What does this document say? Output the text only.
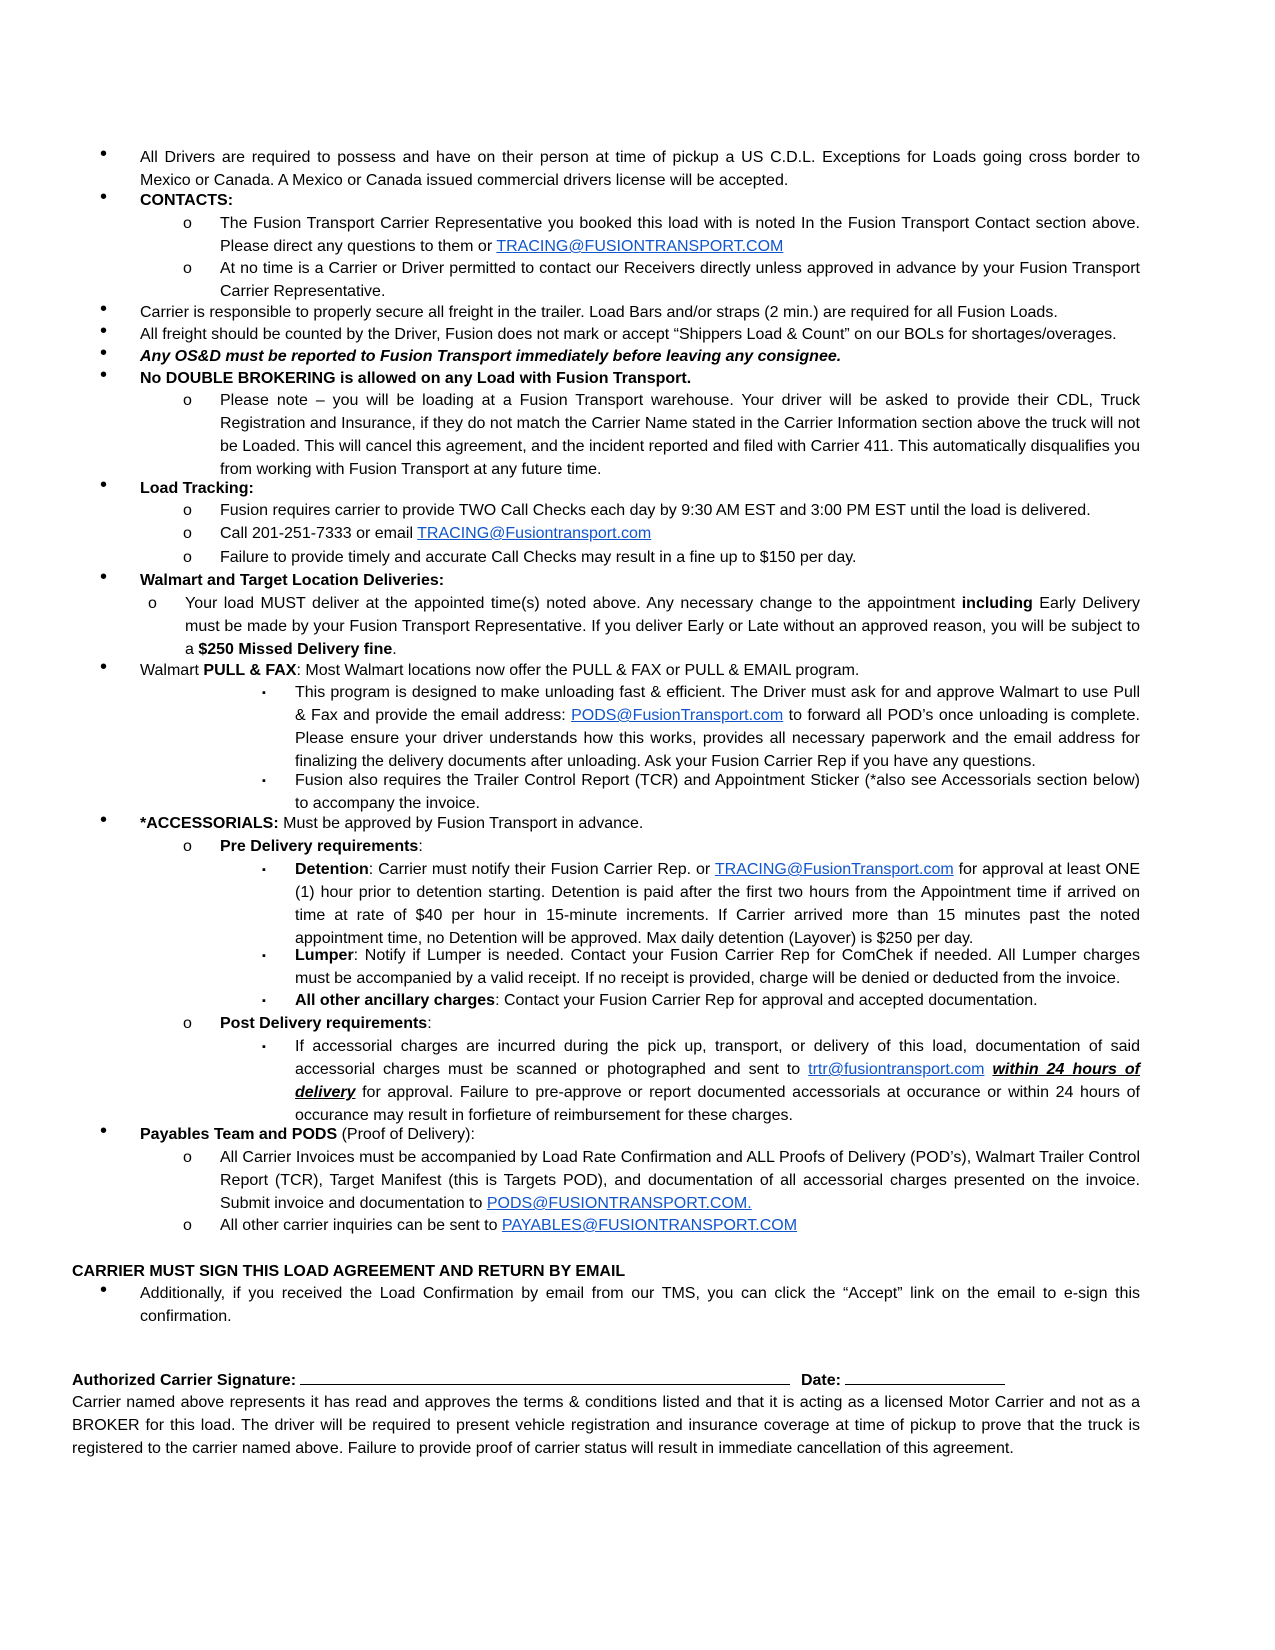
• All Drivers are required to possess and have on their person at time of pickup a US C.D.L. Exceptions for Loads going cross border to Mexico or Canada. A Mexico or Canada issued commercial drivers license will be accepted.
• CONTACTS:
o The Fusion Transport Carrier Representative you booked this load with is noted In the Fusion Transport Contact section above. Please direct any questions to them or TRACING@FUSIONTRANSPORT.COM
o At no time is a Carrier or Driver permitted to contact our Receivers directly unless approved in advance by your Fusion Transport Carrier Representative.
• Carrier is responsible to properly secure all freight in the trailer. Load Bars and/or straps (2 min.) are required for all Fusion Loads.
• All freight should be counted by the Driver, Fusion does not mark or accept “Shippers Load & Count” on our BOLs for shortages/overages.
• Any OS&D must be reported to Fusion Transport immediately before leaving any consignee.
• No DOUBLE BROKERING is allowed on any Load with Fusion Transport.
o Please note – you will be loading at a Fusion Transport warehouse. Your driver will be asked to provide their CDL, Truck Registration and Insurance, if they do not match the Carrier Name stated in the Carrier Information section above the truck will not be Loaded. This will cancel this agreement, and the incident reported and filed with Carrier 411. This automatically disqualifies you from working with Fusion Transport at any future time.
• Load Tracking:
o Fusion requires carrier to provide TWO Call Checks each day by 9:30 AM EST and 3:00 PM EST until the load is delivered.
o Call 201-251-7333 or email TRACING@Fusiontransport.com
o Failure to provide timely and accurate Call Checks may result in a fine up to $150 per day.
• Walmart and Target Location Deliveries:
o Your load MUST deliver at the appointed time(s) noted above. Any necessary change to the appointment including Early Delivery must be made by your Fusion Transport Representative. If you deliver Early or Late without an approved reason, you will be subject to a $250 Missed Delivery fine.
• Walmart PULL & FAX: Most Walmart locations now offer the PULL & FAX or PULL & EMAIL program.
▪ This program is designed to make unloading fast & efficient. The Driver must ask for and approve Walmart to use Pull & Fax and provide the email address: PODS@FusionTransport.com to forward all POD’s once unloading is complete. Please ensure your driver understands how this works, provides all necessary paperwork and the email address for finalizing the delivery documents after unloading. Ask your Fusion Carrier Rep if you have any questions.
▪ Fusion also requires the Trailer Control Report (TCR) and Appointment Sticker (*also see Accessorials section below) to accompany the invoice.
• *ACCESSORIALS: Must be approved by Fusion Transport in advance.
o Pre Delivery requirements:
▪ Detention: Carrier must notify their Fusion Carrier Rep. or TRACING@FusionTransport.com for approval at least ONE (1) hour prior to detention starting. Detention is paid after the first two hours from the Appointment time if arrived on time at rate of $40 per hour in 15-minute increments. If Carrier arrived more than 15 minutes past the noted appointment time, no Detention will be approved. Max daily detention (Layover) is $250 per day.
▪ Lumper: Notify if Lumper is needed. Contact your Fusion Carrier Rep for ComChek if needed. All Lumper charges must be accompanied by a valid receipt. If no receipt is provided, charge will be denied or deducted from the invoice.
▪ All other ancillary charges: Contact your Fusion Carrier Rep for approval and accepted documentation.
o Post Delivery requirements:
▪ If accessorial charges are incurred during the pick up, transport, or delivery of this load, documentation of said accessorial charges must be scanned or photographed and sent to trtr@fusiontransport.com within 24 hours of delivery for approval. Failure to pre-approve or report documented accessorials at occurance or within 24 hours of occurance may result in forfieture of reimbursement for these charges.
• Payables Team and PODS (Proof of Delivery):
o All Carrier Invoices must be accompanied by Load Rate Confirmation and ALL Proofs of Delivery (POD’s), Walmart Trailer Control Report (TCR), Target Manifest (this is Targets POD), and documentation of all accessorial charges presented on the invoice. Submit invoice and documentation to PODS@FUSIONTRANSPORT.COM.
o All other carrier inquiries can be sent to PAYABLES@FUSIONTRANSPORT.COM
CARRIER MUST SIGN THIS LOAD AGREEMENT AND RETURN BY EMAIL
• Additionally, if you received the Load Confirmation by email from our TMS, you can click the “Accept” link on the email to e-sign this confirmation.
Authorized Carrier Signature:	Date:
Carrier named above represents it has read and approves the terms & conditions listed and that it is acting as a licensed Motor Carrier and not as a BROKER for this load. The driver will be required to present vehicle registration and insurance coverage at time of pickup to prove that the truck is registered to the carrier named above. Failure to provide proof of carrier status will result in immediate cancellation of this agreement.
